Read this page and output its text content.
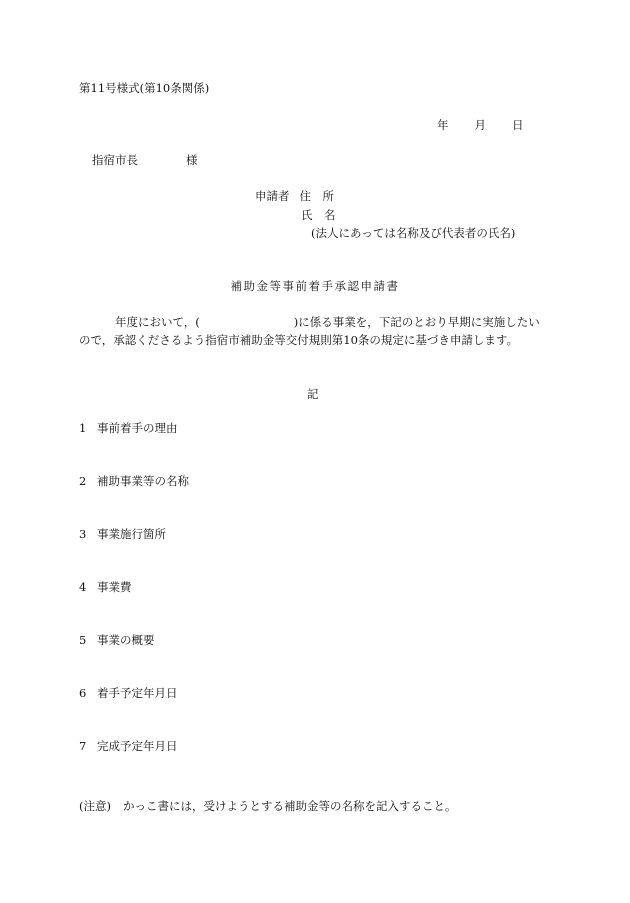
第11号様式(第10条関係)
年 月 日
指宿市長	様
申請者 住　所
氏　名
(法人にあっては名称及び代表者の氏名)
補助金等事前着手承認申請書
年度において，(	)に係る事業を，下記のとおり早期に実施したい
ので，承認くださるよう指宿市補助金等交付規則第10条の規定に基づき申請します。
記
1 事前着手の理由
2 補助事業等の名称
3 事業施行箇所
4 事業費
5 事業の概要
6 着手予定年月日
7 完成予定年月日
(注意) かっこ書には，受けようとする補助金等の名称を記入すること。
